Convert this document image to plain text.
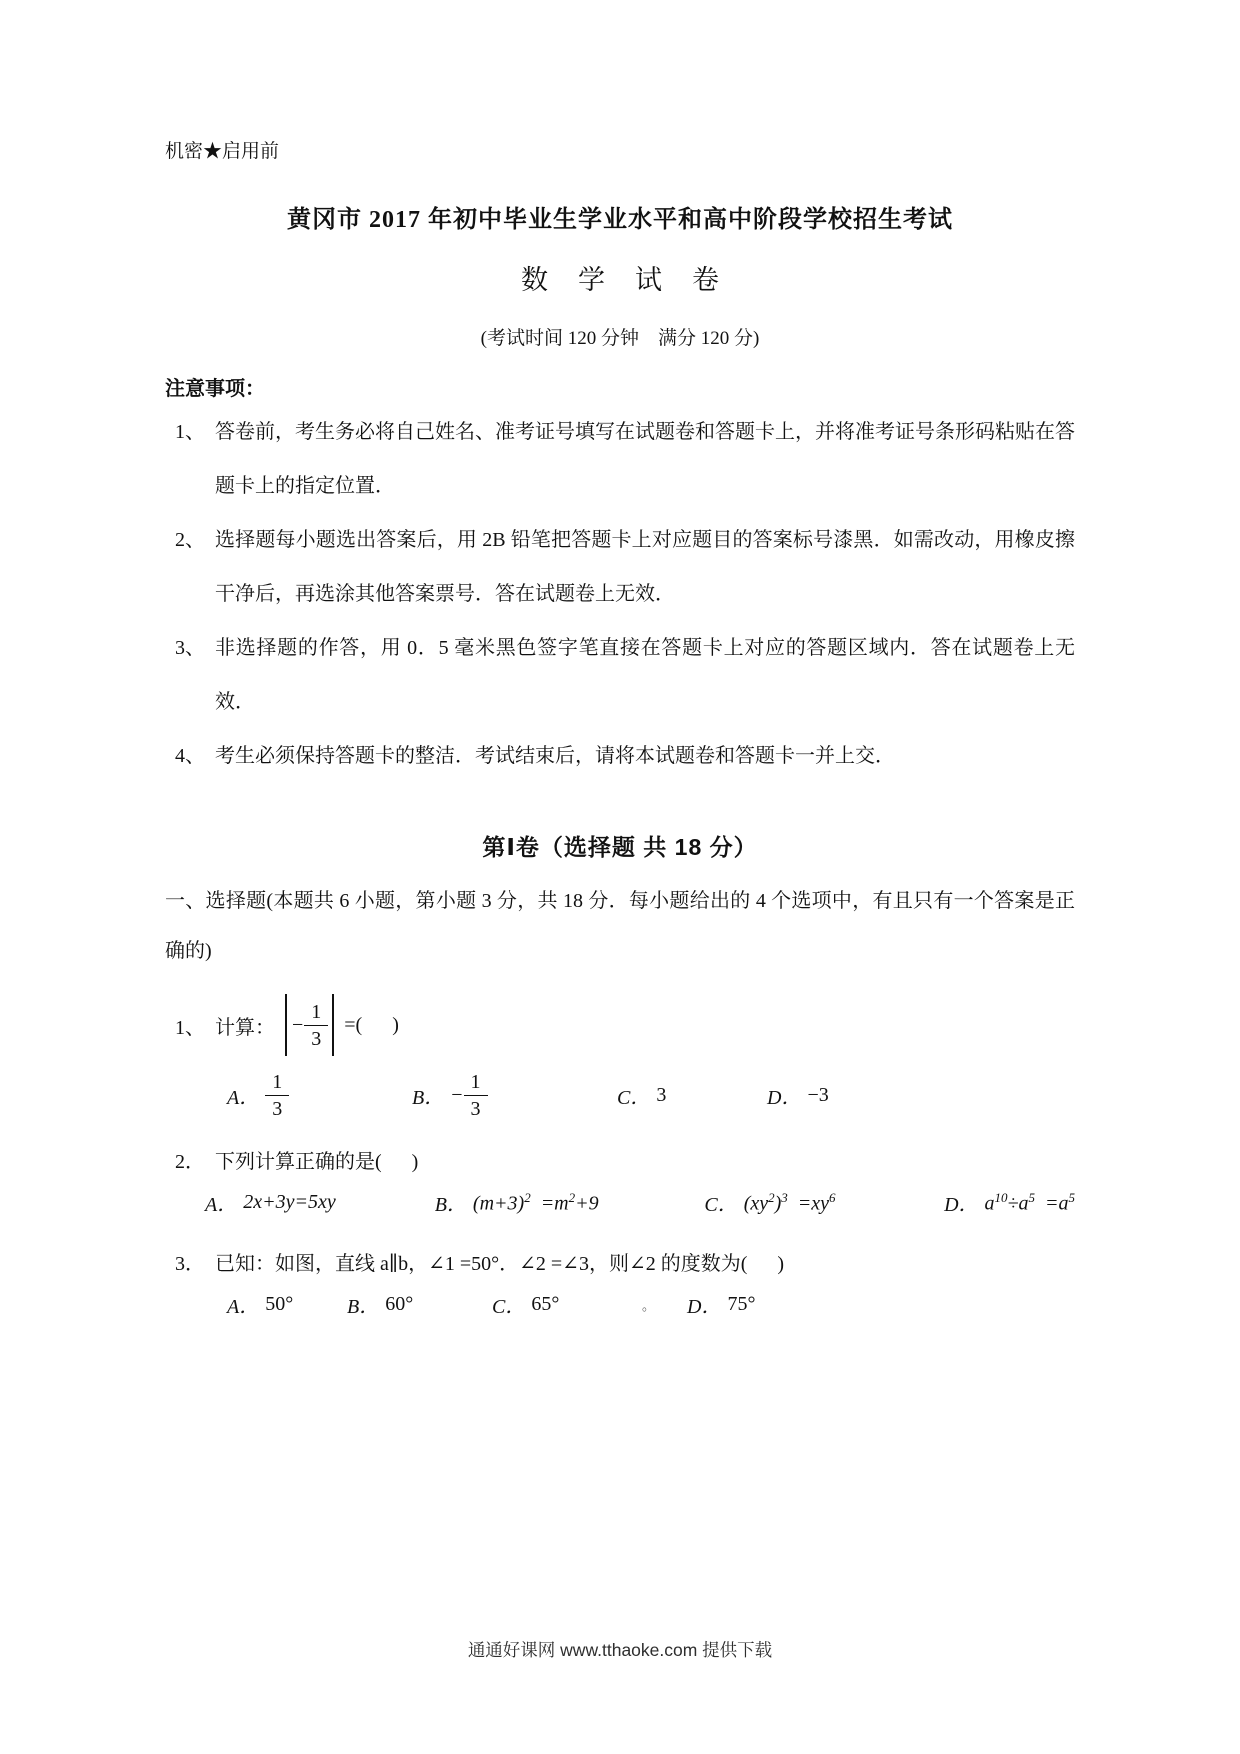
机密★启用前
黄冈市 2017 年初中毕业生学业水平和高中阶段学校招生考试
数学试卷
(考试时间 120 分钟　满分 120 分)
注意事项：
1、 答卷前，考生务必将自己姓名、准考证号填写在试题卷和答题卡上，并将准考证号条形码粘贴在答题卡上的指定位置．
2、 选择题每小题选出答案后，用 2B 铅笔把答题卡上对应题目的答案标号漆黑．如需改动，用橡皮擦干净后，再选涂其他答案票号．答在试题卷上无效．
3、 非选择题的作答，用 0．5 毫米黑色签字笔直接在答题卡上对应的答题区域内．答在试题卷上无效．
4、 考生必须保持答题卡的整洁．考试结束后，请将本试题卷和答题卡一并上交．
第Ⅰ卷（选择题 共 18 分）
一、选择题(本题共 6 小题，第小题 3 分，共 18 分．每小题给出的 4 个选项中，有且只有一个答案是正确的)
1、 计算： − $\frac{1}{3}$ =(      )
A． $\frac{1}{3}$	B． − $\frac{1}{3}$	C． 3	D． −3
2． 下列计算正确的是(      )
A． 2x+3y=5xy	B． $(m+3)^2 =m^2+9$	C． $(xy^2)^3 =xy^6$	D． $a^{10}\div a^5 =a^5$
3． 已知：如图，直线 a∥b，∠1 =50°．∠2 =∠3，则∠2 的度数为(      )
A． 50°	B． 60°	C． 65°	。	D． 75°
通通好课网 www.tthaoke.com 提供下载
